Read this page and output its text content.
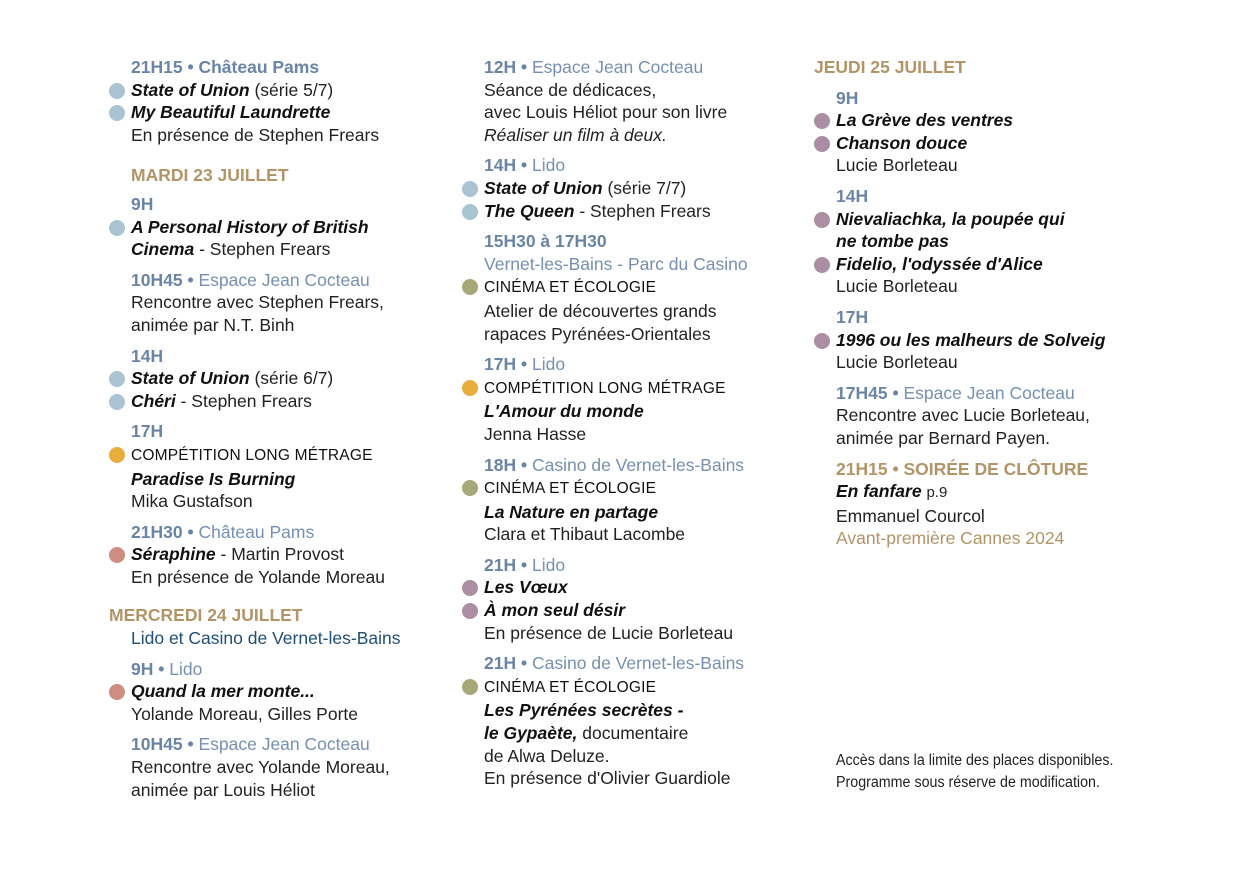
21H15 • Château Pams
State of Union (série 5/7)
My Beautiful Laundrette
En présence de Stephen Frears
MARDI 23 JUILLET
9H
A Personal History of British
Cinema - Stephen Frears
10H45 • Espace Jean Cocteau
Rencontre avec Stephen Frears,
animée par N.T. Binh
14H
State of Union (série 6/7)
Chéri - Stephen Frears
17H
COMPÉTITION LONG MÉTRAGE
Paradise Is Burning
Mika Gustafson
21H30 • Château Pams
Séraphine - Martin Provost
En présence de Yolande Moreau
MERCREDI 24 JUILLET
Lido et Casino de Vernet-les-Bains
9H • Lido
Quand la mer monte...
Yolande Moreau, Gilles Porte
10H45 • Espace Jean Cocteau
Rencontre avec Yolande Moreau,
animée par Louis Héliot
12H • Espace Jean Cocteau
Séance de dédicaces,
avec Louis Héliot pour son livre
Réaliser un film à deux.
14H • Lido
State of Union (série 7/7)
The Queen - Stephen Frears
15H30 à 17H30
Vernet-les-Bains - Parc du Casino
CINÉMA ET ÉCOLOGIE
Atelier de découvertes grands
rapaces Pyrénées-Orientales
17H • Lido
COMPÉTITION LONG MÉTRAGE
L'Amour du monde
Jenna Hasse
18H • Casino de Vernet-les-Bains
CINÉMA ET ÉCOLOGIE
La Nature en partage
Clara et Thibaut Lacombe
21H • Lido
Les Vœux
À mon seul désir
En présence de Lucie Borleteau
21H • Casino de Vernet-les-Bains
CINÉMA ET ÉCOLOGIE
Les Pyrénées secrètes -
le Gypaète, documentaire
de Alwa Deluze.
En présence d'Olivier Guardiole
JEUDI 25 JUILLET
9H
La Grève des ventres
Chanson douce
Lucie Borleteau
14H
Nievaliachka, la poupée qui
ne tombe pas
Fidelio, l'odyssée d'Alice
Lucie Borleteau
17H
1996 ou les malheurs de Solveig
Lucie Borleteau
17H45 • Espace Jean Cocteau
Rencontre avec Lucie Borleteau,
animée par Bernard Payen.
21H15 • SOIRÉE DE CLÔTURE
En fanfare p.9
Emmanuel Courcol
Avant-première Cannes 2024
Accès dans la limite des places disponibles.
Programme sous réserve de modification.
